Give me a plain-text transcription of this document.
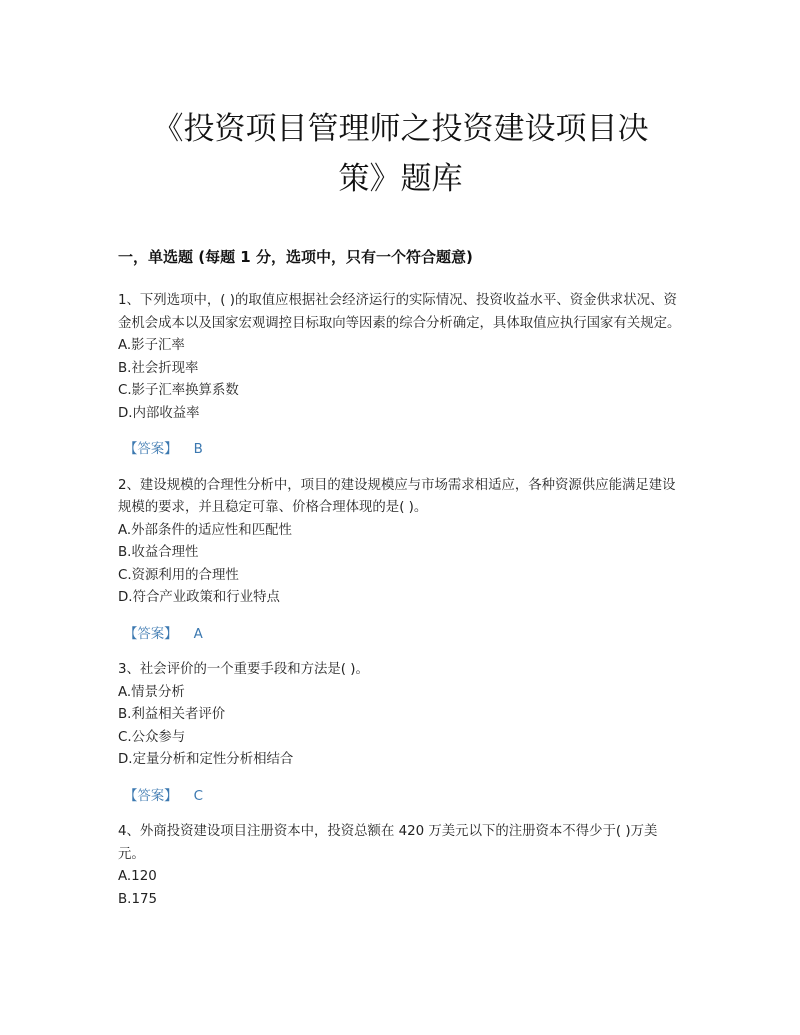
《投资项目管理师之投资建设项目决
策》题库
一，单选题 (每题 1 分，选项中，只有一个符合题意)

1、下列选项中，( )的取值应根据社会经济运行的实际情况、投资收益水平、资金供求状况、资金机会成本以及国家宏观调控目标取向等因素的综合分析确定，具体取值应执行国家有关规定。

A.影子汇率

B.社会折现率

C.影子汇率换算系数

D.内部收益率

【答案】 B

2、建设规模的合理性分析中，项目的建设规模应与市场需求相适应，各种资源供应能满足建设规模的要求，并且稳定可靠、价格合理体现的是( )。

A.外部条件的适应性和匹配性

B.收益合理性

C.资源利用的合理性

D.符合产业政策和行业特点

【答案】 A

3、社会评价的一个重要手段和方法是( )。

A.情景分析

B.利益相关者评价

C.公众参与

D.定量分析和定性分析相结合

【答案】 C

4、外商投资建设项目注册资本中，投资总额在 420 万美元以下的注册资本不得少于( )万美元。

A.120

B.175
